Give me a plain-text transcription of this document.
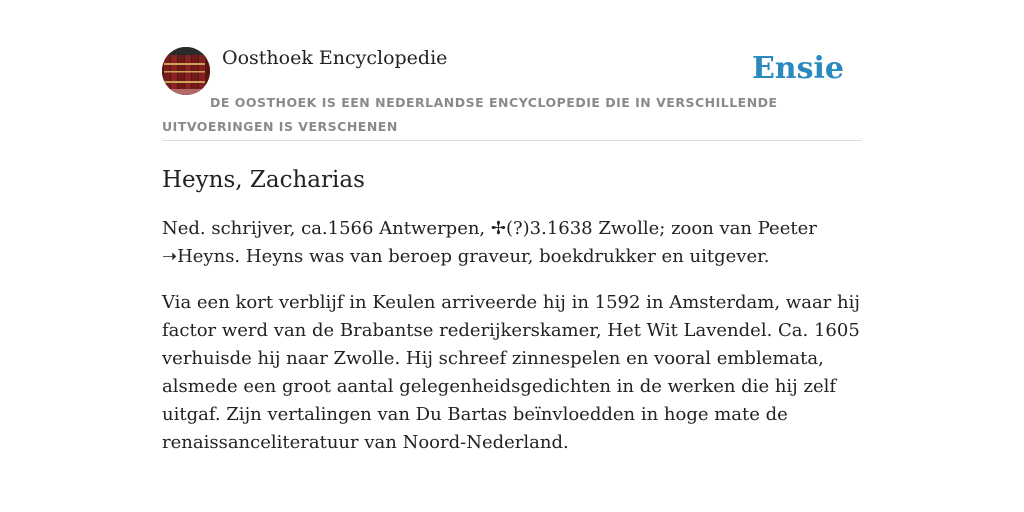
Oosthoek Encyclopedie	Ensie
DE OOSTHOEK IS EEN NEDERLANDSE ENCYCLOPEDIE DIE IN VERSCHILLENDE UITVOERINGEN IS VERSCHENEN
Heyns, Zacharias

Ned. schrijver, ca.1566 Antwerpen, ✢(?)3.1638 Zwolle; zoon van Peeter ➝Heyns. Heyns was van beroep graveur, boekdrukker en uitgever.

Via een kort verblijf in Keulen arriveerde hij in 1592 in Amsterdam, waar hij factor werd van de Brabantse rederijkerskamer, Het Wit Lavendel. Ca. 1605 verhuisde hij naar Zwolle. Hij schreef zinnespelen en vooral emblemata, alsmede een groot aantal gelegenheidsgedichten in de werken die hij zelf uitgaf. Zijn vertalingen van Du Bartas beïnvloedden in hoge mate de renaissanceliteratuur van Noord-Nederland.
